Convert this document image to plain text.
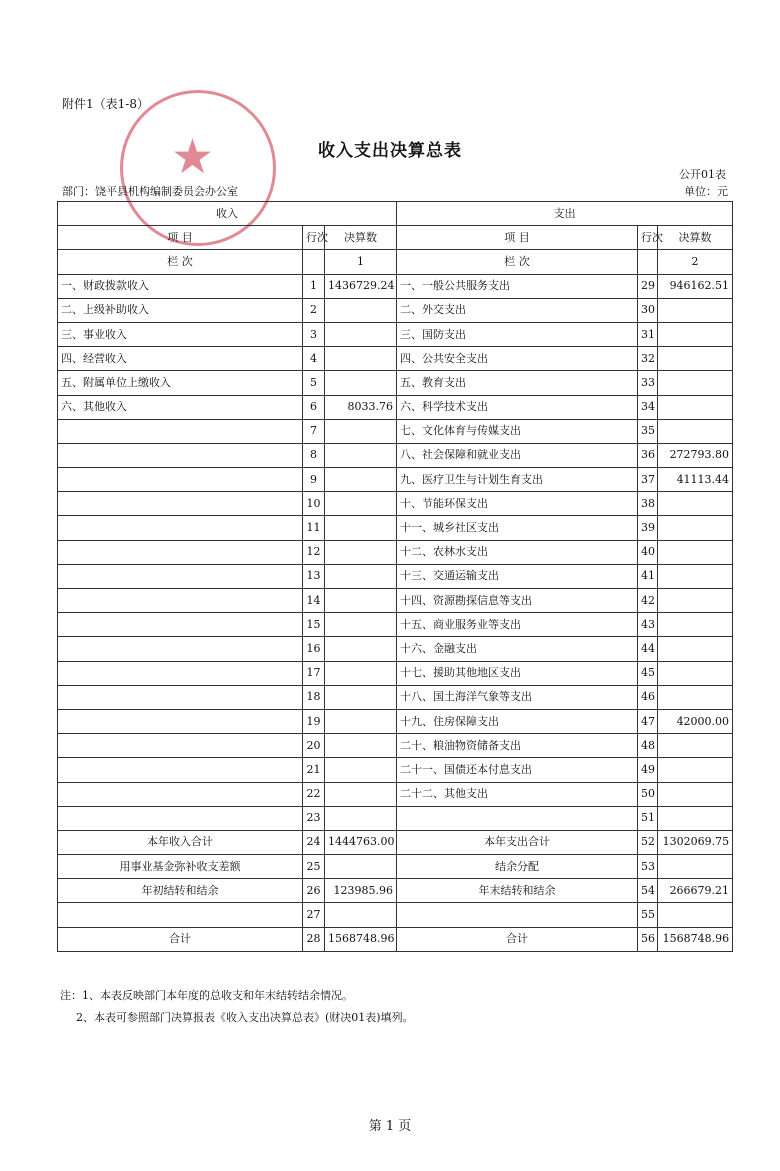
★
附件1（表1-8）
收入支出决算总表
公开01表
部门：饶平县机构编制委员会办公室	单位：元
收入			支出		
项 目	行次	决算数	项 目	行次	决算数
栏 次		1	栏 次		2
一、财政拨款收入	1	1436729.24	一、一般公共服务支出	29	946162.51
二、上级补助收入	2		二、外交支出	30	
三、事业收入	3		三、国防支出	31	
四、经营收入	4		四、公共安全支出	32	
五、附属单位上缴收入	5		五、教育支出	33	
六、其他收入	6	8033.76	六、科学技术支出	34	
	7		七、文化体育与传媒支出	35	
	8		八、社会保障和就业支出	36	272793.80
	9		九、医疗卫生与计划生育支出	37	41113.44
	10		十、节能环保支出	38	
	11		十一、城乡社区支出	39	
	12		十二、农林水支出	40	
	13		十三、交通运输支出	41	
	14		十四、资源勘探信息等支出	42	
	15		十五、商业服务业等支出	43	
	16		十六、金融支出	44	
	17		十七、援助其他地区支出	45	
	18		十八、国土海洋气象等支出	46	
	19		十九、住房保障支出	47	42000.00
	20		二十、粮油物资储备支出	48	
	21		二十一、国债还本付息支出	49	
	22		二十二、其他支出	50	
	23			51	
本年收入合计	24	1444763.00	本年支出合计	52	1302069.75
用事业基金弥补收支差额	25		结余分配	53	
年初结转和结余	26	123985.96	年末结转和结余	54	266679.21
	27			55	
合计	28	1568748.96	合计	56	1568748.96
注：1、本表反映部门本年度的总收支和年末结转结余情况。
2、本表可参照部门决算报表《收入支出决算总表》(财决01表)填列。
第 1 页
